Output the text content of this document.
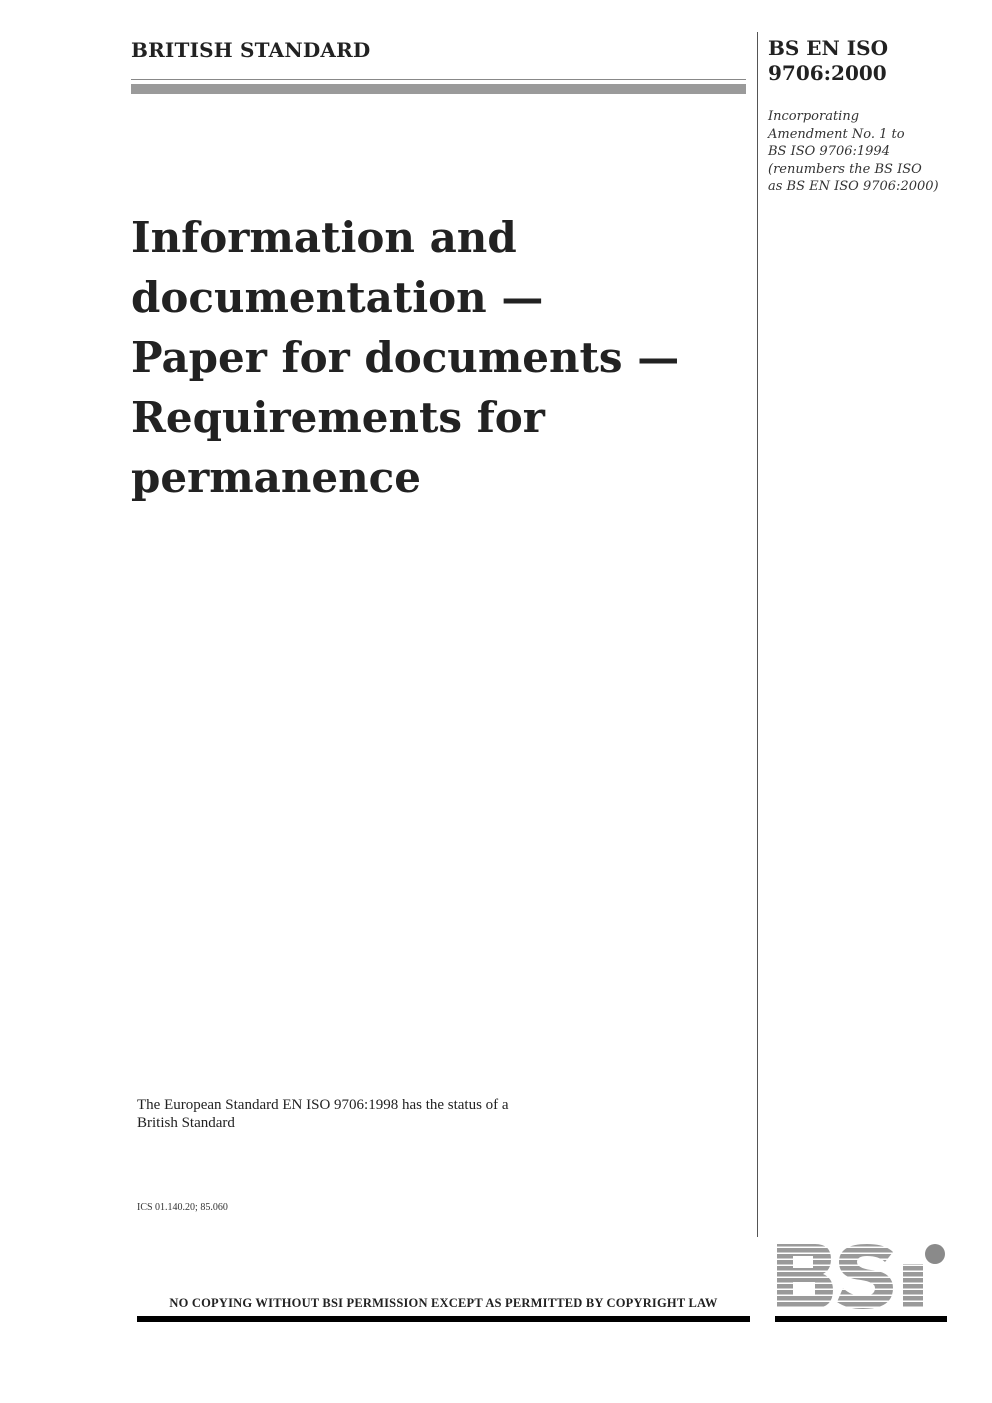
BRITISH STANDARD	BS EN ISO
9706:2000
Incorporating
Amendment No. 1 to
BS ISO 9706:1994
(renumbers the BS ISO
as BS EN ISO 9706:2000)
Information and
documentation —
Paper for documents —
Requirements for
permanence
The European Standard EN ISO 9706:1998 has the status of a
British Standard
ICS 01.140.20; 85.060
BSi
NO COPYING WITHOUT BSI PERMISSION EXCEPT AS PERMITTED BY COPYRIGHT LAW
